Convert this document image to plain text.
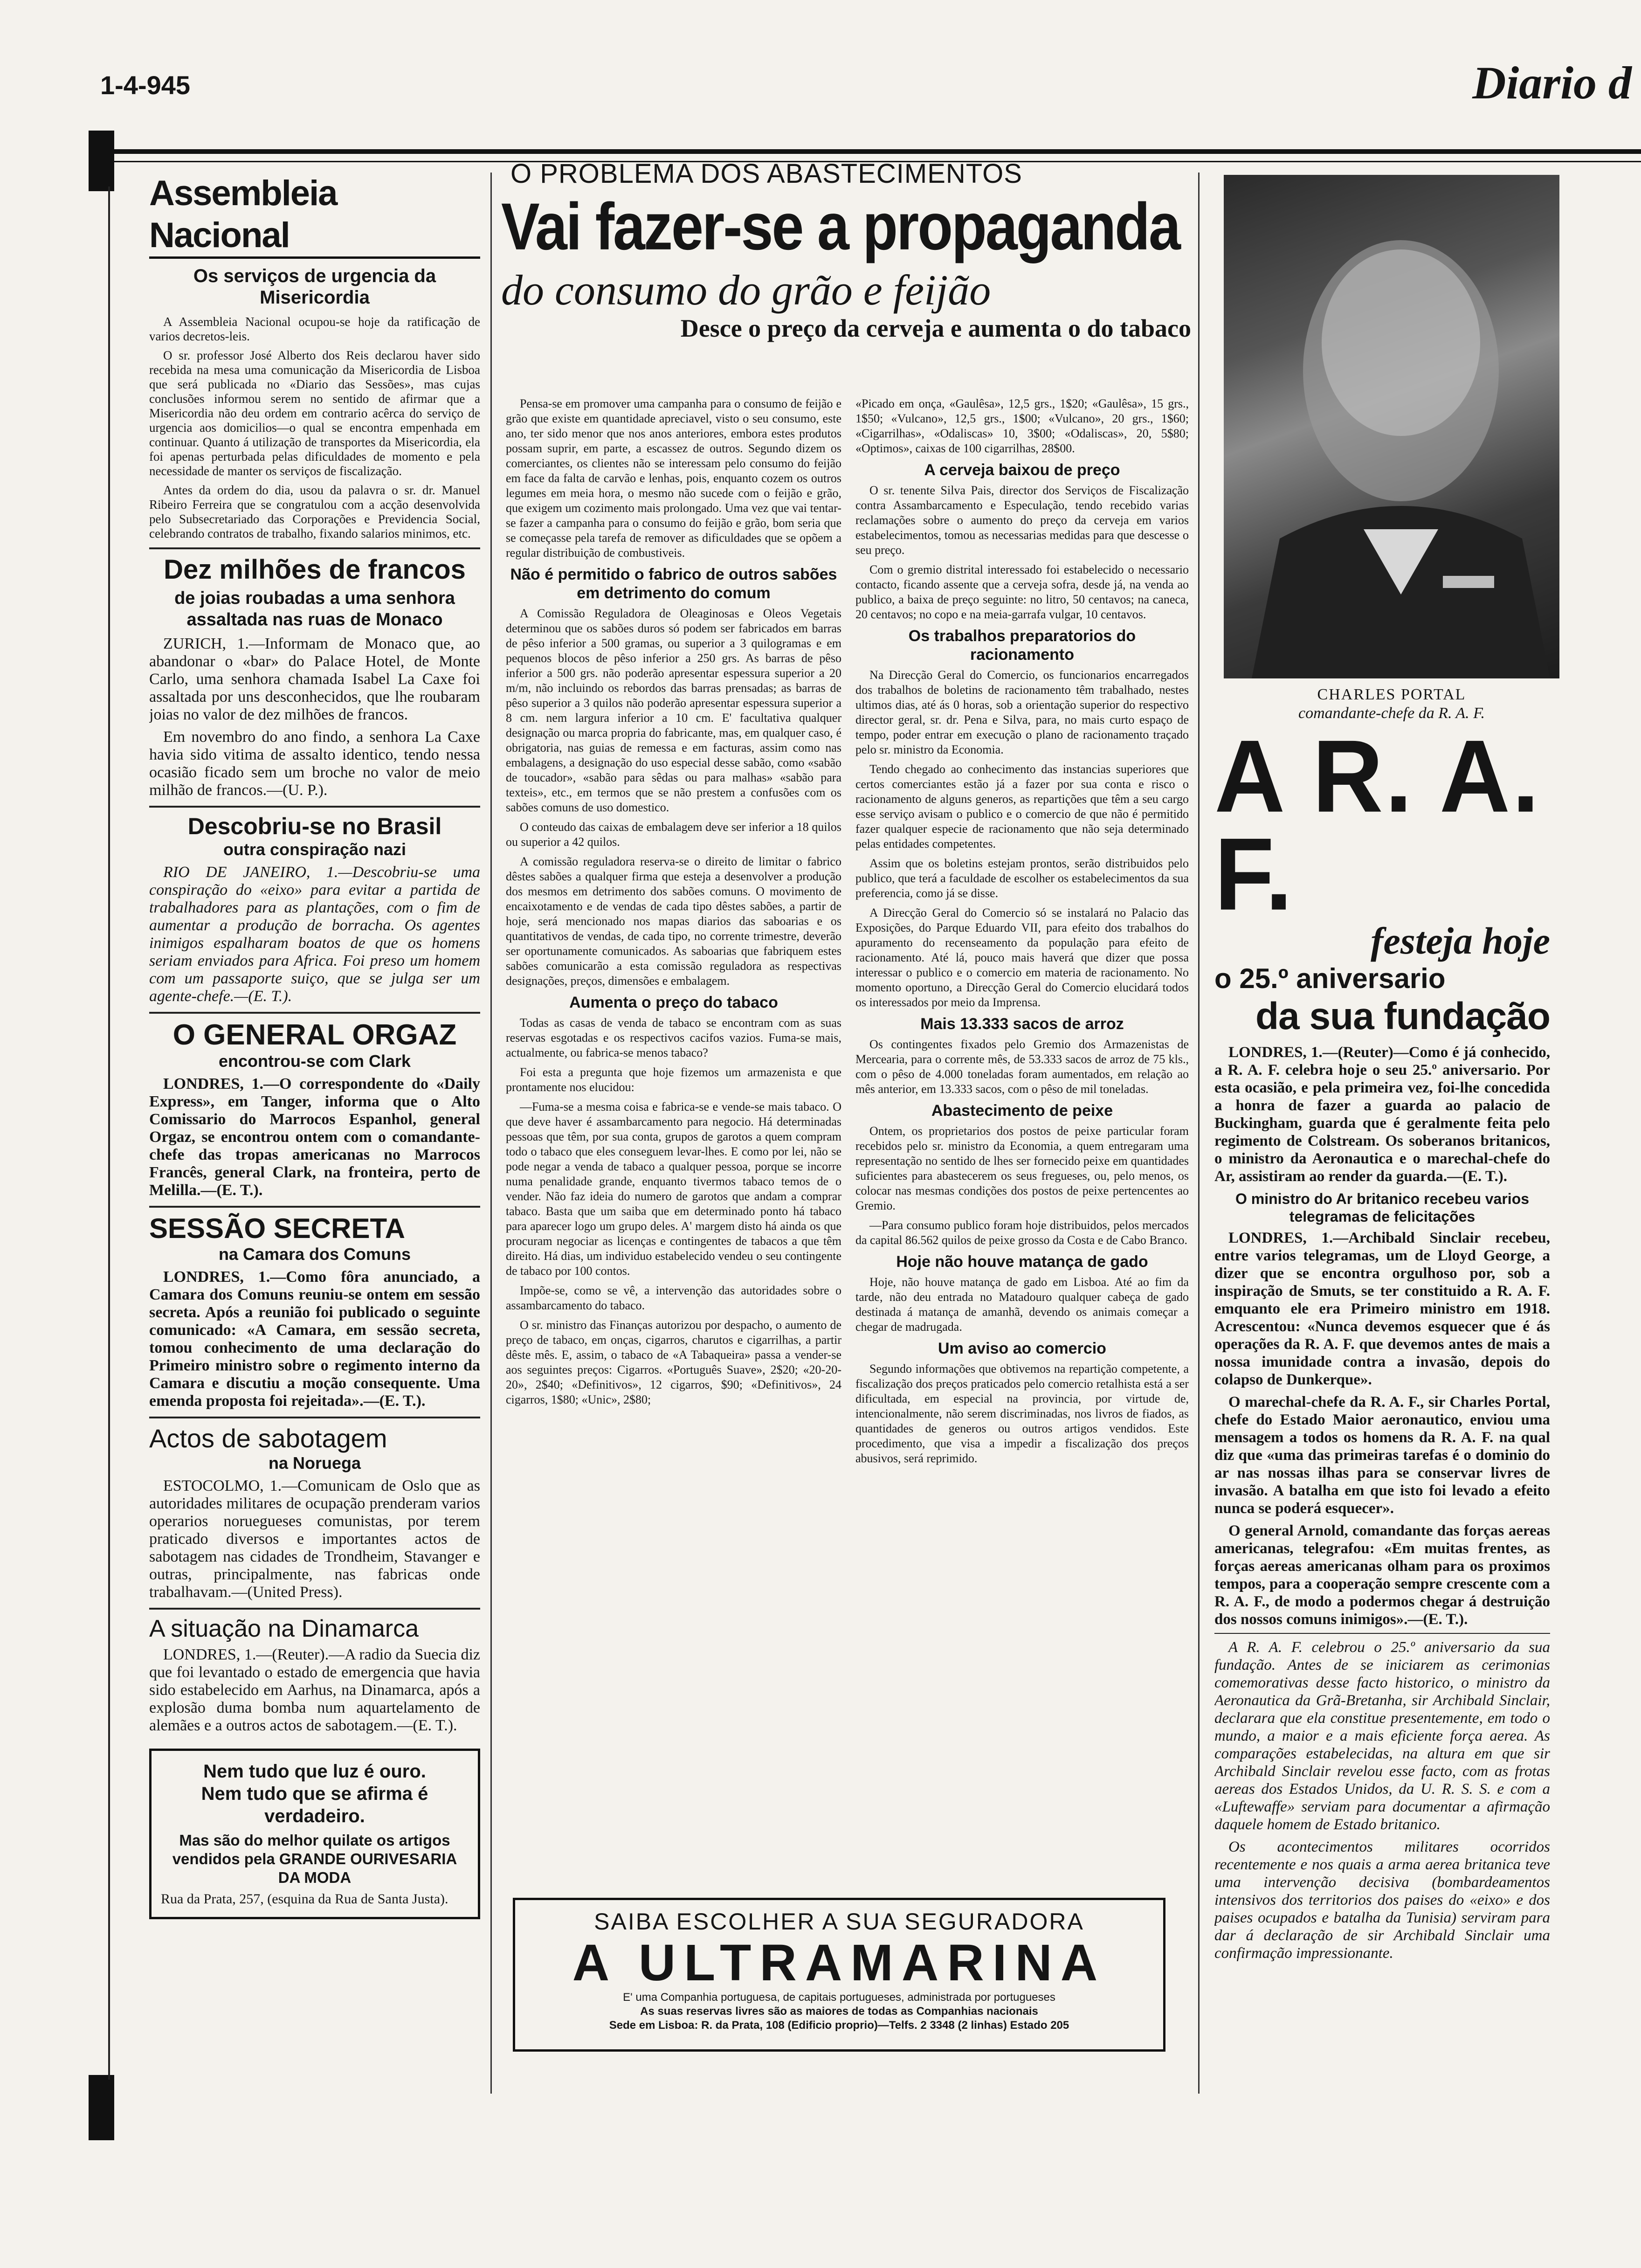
1-4-945	Diario d
Assembleia Nacional
Os serviços de urgencia da Misericordia

A Assembleia Nacional ocupou-se hoje da ratificação de varios decretos-leis.

O sr. professor José Alberto dos Reis declarou haver sido recebida na mesa uma comunicação da Misericordia de Lisboa que será publicada no «Diario das Sessões», mas cujas conclusões informou serem no sentido de afirmar que a Misericordia não deu ordem em contrario acêrca do serviço de urgencia aos domicilios—o qual se encontra empenhada em continuar. Quanto á utilização de transportes da Misericordia, ela foi apenas perturbada pelas dificuldades de momento e pela necessidade de manter os serviços de fiscalização.

Antes da ordem do dia, usou da palavra o sr. dr. Manuel Ribeiro Ferreira que se congratulou com a acção desenvolvida pelo Subsecretariado das Corporações e Previdencia Social, celebrando contratos de trabalho, fixando salarios minimos, etc.

Dez milhões de francos
de joias roubadas a uma senhora assaltada nas ruas de Monaco

ZURICH, 1.—Informam de Monaco que, ao abandonar o «bar» do Palace Hotel, de Monte Carlo, uma senhora chamada Isabel La Caxe foi assaltada por uns desconhecidos, que lhe roubaram joias no valor de dez milhões de francos.

Em novembro do ano findo, a senhora La Caxe havia sido vitima de assalto identico, tendo nessa ocasião ficado sem um broche no valor de meio milhão de francos.—(U. P.).

Descobriu-se no Brasil
outra conspiração nazi

RIO DE JANEIRO, 1.—Descobriu-se uma conspiração do «eixo» para evitar a partida de trabalhadores para as plantações, com o fim de aumentar a produção de borracha. Os agentes inimigos espalharam boatos de que os homens seriam enviados para Africa. Foi preso um homem com um passaporte suiço, que se julga ser um agente-chefe.—(E. T.).

O GENERAL ORGAZ
encontrou-se com Clark

LONDRES, 1.—O correspondente do «Daily Express», em Tanger, informa que o Alto Comissario do Marrocos Espanhol, general Orgaz, se encontrou ontem com o comandante-chefe das tropas americanas no Marrocos Francês, general Clark, na fronteira, perto de Melilla.—(E. T.).

SESSÃO SECRETA
na Camara dos Comuns

LONDRES, 1.—Como fôra anunciado, a Camara dos Comuns reuniu-se ontem em sessão secreta. Após a reunião foi publicado o seguinte comunicado: «A Camara, em sessão secreta, tomou conhecimento de uma declaração do Primeiro ministro sobre o regimento interno da Camara e discutiu a moção consequente. Uma emenda proposta foi rejeitada».—(E. T.).

Actos de sabotagem
na Noruega

ESTOCOLMO, 1.—Comunicam de Oslo que as autoridades militares de ocupação prenderam varios operarios noruegueses comunistas, por terem praticado diversos e importantes actos de sabotagem nas cidades de Trondheim, Stavanger e outras, principalmente, nas fabricas onde trabalhavam.—(United Press).

A situação na Dinamarca

LONDRES, 1.—(Reuter).—A radio da Suecia diz que foi levantado o estado de emergencia que havia sido estabelecido em Aarhus, na Dinamarca, após a explosão duma bomba num aquartelamento de alemães e a outros actos de sabotagem.—(E. T.).

Nem tudo que luz é ouro.
Nem tudo que se afirma é verdadeiro.
Mas são do melhor quilate os artigos vendidos pela GRANDE OURIVESARIA DA MODA
Rua da Prata, 257, (esquina da Rua de Santa Justa).
O PROBLEMA DOS ABASTECIMENTOS
Vai fazer-se a propaganda
do consumo do grão e feijão
Desce o preço da cerveja e aumenta o do tabaco

Pensa-se em promover uma campanha para o consumo de feijão e grão que existe em quantidade apreciavel, visto o seu consumo, este ano, ter sido menor que nos anos anteriores, embora estes produtos possam suprir, em parte, a escassez de outros. Segundo dizem os comerciantes, os clientes não se interessam pelo consumo do feijão em face da falta de carvão e lenhas, pois, enquanto cozem os outros legumes em meia hora, o mesmo não sucede com o feijão e grão, que exigem um cozimento mais prolongado. Uma vez que vai tentar-se fazer a campanha para o consumo do feijão e grão, bom seria que se começasse pela tarefa de remover as dificuldades que se opõem a regular distribuição de combustiveis.

Não é permitido o fabrico de outros sabões em detrimento do comum

A Comissão Reguladora de Oleaginosas e Oleos Vegetais determinou que os sabões duros só podem ser fabricados em barras de pêso inferior a 500 gramas, ou superior a 3 quilogramas e em pequenos blocos de pêso inferior a 250 grs. As barras de pêso inferior a 500 grs. não poderão apresentar espessura superior a 20 m/m, não incluindo os rebordos das barras prensadas; as barras de pêso superior a 3 quilos não poderão apresentar espessura superior a 8 cm. nem largura inferior a 10 cm. E' facultativa qualquer designação ou marca propria do fabricante, mas, em qualquer caso, é obrigatoria, nas guias de remessa e em facturas, assim como nas embalagens, a designação do uso especial desse sabão, como «sabão de toucador», «sabão para sêdas ou para malhas» «sabão para texteis», etc., em termos que se não prestem a confusões com os sabões comuns de uso domestico.

O conteudo das caixas de embalagem deve ser inferior a 18 quilos ou superior a 42 quilos.

A comissão reguladora reserva-se o direito de limitar o fabrico dêstes sabões a qualquer firma que esteja a desenvolver a produção dos mesmos em detrimento dos sabões comuns. O movimento de encaixotamento e de vendas de cada tipo dêstes sabões, a partir de hoje, será mencionado nos mapas diarios das saboarias e os quantitativos de vendas, de cada tipo, no corrente trimestre, deverão ser oportunamente comunicados. As saboarias que fabriquem estes sabões comunicarão a esta comissão reguladora as respectivas designações, preços, dimensões e embalagem.

Aumenta o preço do tabaco

Todas as casas de venda de tabaco se encontram com as suas reservas esgotadas e os respectivos cacifos vazios. Fuma-se mais, actualmente, ou fabrica-se menos tabaco?

Foi esta a pregunta que hoje fizemos um armazenista e que prontamente nos elucidou:

—Fuma-se a mesma coisa e fabrica-se e vende-se mais tabaco. O que deve haver é assambarcamento para negocio. Há determinadas pessoas que têm, por sua conta, grupos de garotos a quem compram todo o tabaco que eles conseguem levar-lhes. E como por lei, não se pode negar a venda de tabaco a qualquer pessoa, porque se incorre numa penalidade grande, enquanto tivermos tabaco temos de o vender. Não faz ideia do numero de garotos que andam a comprar tabaco. Basta que um saiba que em determinado ponto há tabaco para aparecer logo um grupo deles. A' margem disto há ainda os que procuram negociar as licenças e contingentes de tabacos a que têm direito. Há dias, um individuo estabelecido vendeu o seu contingente de tabaco por 100 contos.

Impõe-se, como se vê, a intervenção das autoridades sobre o assambarcamento do tabaco.

O sr. ministro das Finanças autorizou por despacho, o aumento de preço de tabaco, em onças, cigarros, charutos e cigarrilhas, a partir dêste mês. E, assim, o tabaco de «A Tabaqueira» passa a vender-se aos seguintes preços: Cigarros. «Português Suave», 2$20; «20-20-20», 2$40; «Definitivos», 12 cigarros, $90; «Definitivos», 24 cigarros, 1$80; «Unic», 2$80;

«Picado em onça, «Gaulêsa», 12,5 grs., 1$20; «Gaulêsa», 15 grs., 1$50; «Vulcano», 12,5 grs., 1$00; «Vulcano», 20 grs., 1$60; «Cigarrilhas», «Odaliscas» 10, 3$00; «Odaliscas», 20, 5$80; «Optimos», caixas de 100 cigarrilhas, 28$00.

A cerveja baixou de preço

O sr. tenente Silva Pais, director dos Serviços de Fiscalização contra Assambarcamento e Especulação, tendo recebido varias reclamações sobre o aumento do preço da cerveja em varios estabelecimentos, tomou as necessarias medidas para que descesse o seu preço.

Com o gremio distrital interessado foi estabelecido o necessario contacto, ficando assente que a cerveja sofra, desde já, na venda ao publico, a baixa de preço seguinte: no litro, 50 centavos; na caneca, 20 centavos; no copo e na meia-garrafa vulgar, 10 centavos.

Os trabalhos preparatorios do racionamento

Na Direcção Geral do Comercio, os funcionarios encarregados dos trabalhos de boletins de racionamento têm trabalhado, nestes ultimos dias, até ás 0 horas, sob a orientação superior do respectivo director geral, sr. dr. Pena e Silva, para, no mais curto espaço de tempo, poder entrar em execução o plano de racionamento traçado pelo sr. ministro da Economia.

Tendo chegado ao conhecimento das instancias superiores que certos comerciantes estão já a fazer por sua conta e risco o racionamento de alguns generos, as repartições que têm a seu cargo esse serviço avisam o publico e o comercio de que não é permitido fazer qualquer especie de racionamento que não seja determinado pelas entidades competentes.

Assim que os boletins estejam prontos, serão distribuidos pelo publico, que terá a faculdade de escolher os estabelecimentos da sua preferencia, como já se disse.

A Direcção Geral do Comercio só se instalará no Palacio das Exposições, do Parque Eduardo VII, para efeito dos trabalhos do apuramento do recenseamento da população para efeito de racionamento. Até lá, pouco mais haverá que dizer que possa interessar o publico e o comercio em materia de racionamento. No momento oportuno, a Direcção Geral do Comercio elucidará todos os interessados por meio da Imprensa.

Mais 13.333 sacos de arroz

Os contingentes fixados pelo Gremio dos Armazenistas de Mercearia, para o corrente mês, de 53.333 sacos de arroz de 75 kls., com o pêso de 4.000 toneladas foram aumentados, em relação ao mês anterior, em 13.333 sacos, com o pêso de mil toneladas.

Abastecimento de peixe

Ontem, os proprietarios dos postos de peixe particular foram recebidos pelo sr. ministro da Economia, a quem entregaram uma representação no sentido de lhes ser fornecido peixe em quantidades suficientes para abastecerem os seus fregueses, ou, pelo menos, os colocar nas mesmas condições dos postos de peixe pertencentes ao Gremio.

—Para consumo publico foram hoje distribuidos, pelos mercados da capital 86.562 quilos de peixe grosso da Costa e de Cabo Branco.

Hoje não houve matança de gado

Hoje, não houve matança de gado em Lisboa. Até ao fim da tarde, não deu entrada no Matadouro qualquer cabeça de gado destinada á matança de amanhã, devendo os animais começar a chegar de madrugada.

Um aviso ao comercio

Segundo informações que obtivemos na repartição competente, a fiscalização dos preços praticados pelo comercio retalhista está a ser dificultada, em especial na provincia, por virtude de, intencionalmente, não serem discriminadas, nos livros de fiados, as quantidades de generos ou outros artigos vendidos. Este procedimento, que visa a impedir a fiscalização dos preços abusivos, será reprimido.

SAIBA ESCOLHER A SUA SEGURADORA
A ULTRAMARINA
E' uma Companhia portuguesa, de capitais portugueses, administrada por portugueses
As suas reservas livres são as maiores de todas as Companhias nacionais
Sede em Lisboa: R. da Prata, 108 (Edificio proprio)—Telfs. 2 3348 (2 linhas) Estado 205
CHARLES PORTAL
comandante-chefe da R. A. F.
A R. A. F.
festeja hoje
o 25.º aniversario
da sua fundação

LONDRES, 1.—(Reuter)—Como é já conhecido, a R. A. F. celebra hoje o seu 25.º aniversario. Por esta ocasião, e pela primeira vez, foi-lhe concedida a honra de fazer a guarda ao palacio de Buckingham, guarda que é geralmente feita pelo regimento de Colstream. Os soberanos britanicos, o ministro da Aeronautica e o marechal-chefe do Ar, assistiram ao render da guarda.—(E. T.).

O ministro do Ar britanico recebeu varios telegramas de felicitações

LONDRES, 1.—Archibald Sinclair recebeu, entre varios telegramas, um de Lloyd George, a dizer que se encontra orgulhoso por, sob a inspiração de Smuts, se ter constituido a R. A. F. emquanto ele era Primeiro ministro em 1918. Acrescentou: «Nunca devemos esquecer que é ás operações da R. A. F. que devemos antes de mais a nossa imunidade contra a invasão, depois do colapso de Dunkerque».

O marechal-chefe da R. A. F., sir Charles Portal, chefe do Estado Maior aeronautico, enviou uma mensagem a todos os homens da R. A. F. na qual diz que «uma das primeiras tarefas é o dominio do ar nas nossas ilhas para se conservar livres de invasão. A batalha em que isto foi levado a efeito nunca se poderá esquecer».

O general Arnold, comandante das forças aereas americanas, telegrafou: «Em muitas frentes, as forças aereas americanas olham para os proximos tempos, para a cooperação sempre crescente com a R. A. F., de modo a podermos chegar á destruição dos nossos comuns inimigos».—(E. T.).

A R. A. F. celebrou o 25.º aniversario da sua fundação. Antes de se iniciarem as cerimonias comemorativas desse facto historico, o ministro da Aeronautica da Grã-Bretanha, sir Archibald Sinclair, declarara que ela constitue presentemente, em todo o mundo, a maior e a mais eficiente força aerea. As comparações estabelecidas, na altura em que sir Archibald Sinclair revelou esse facto, com as frotas aereas dos Estados Unidos, da U. R. S. S. e com a «Luftewaffe» serviam para documentar a afirmação daquele homem de Estado britanico.

Os acontecimentos militares ocorridos recentemente e nos quais a arma aerea britanica teve uma intervenção decisiva (bombardeamentos intensivos dos territorios dos paises do «eixo» e dos paises ocupados e batalha da Tunisia) serviram para dar á declaração de sir Archibald Sinclair uma confirmação impressionante.
